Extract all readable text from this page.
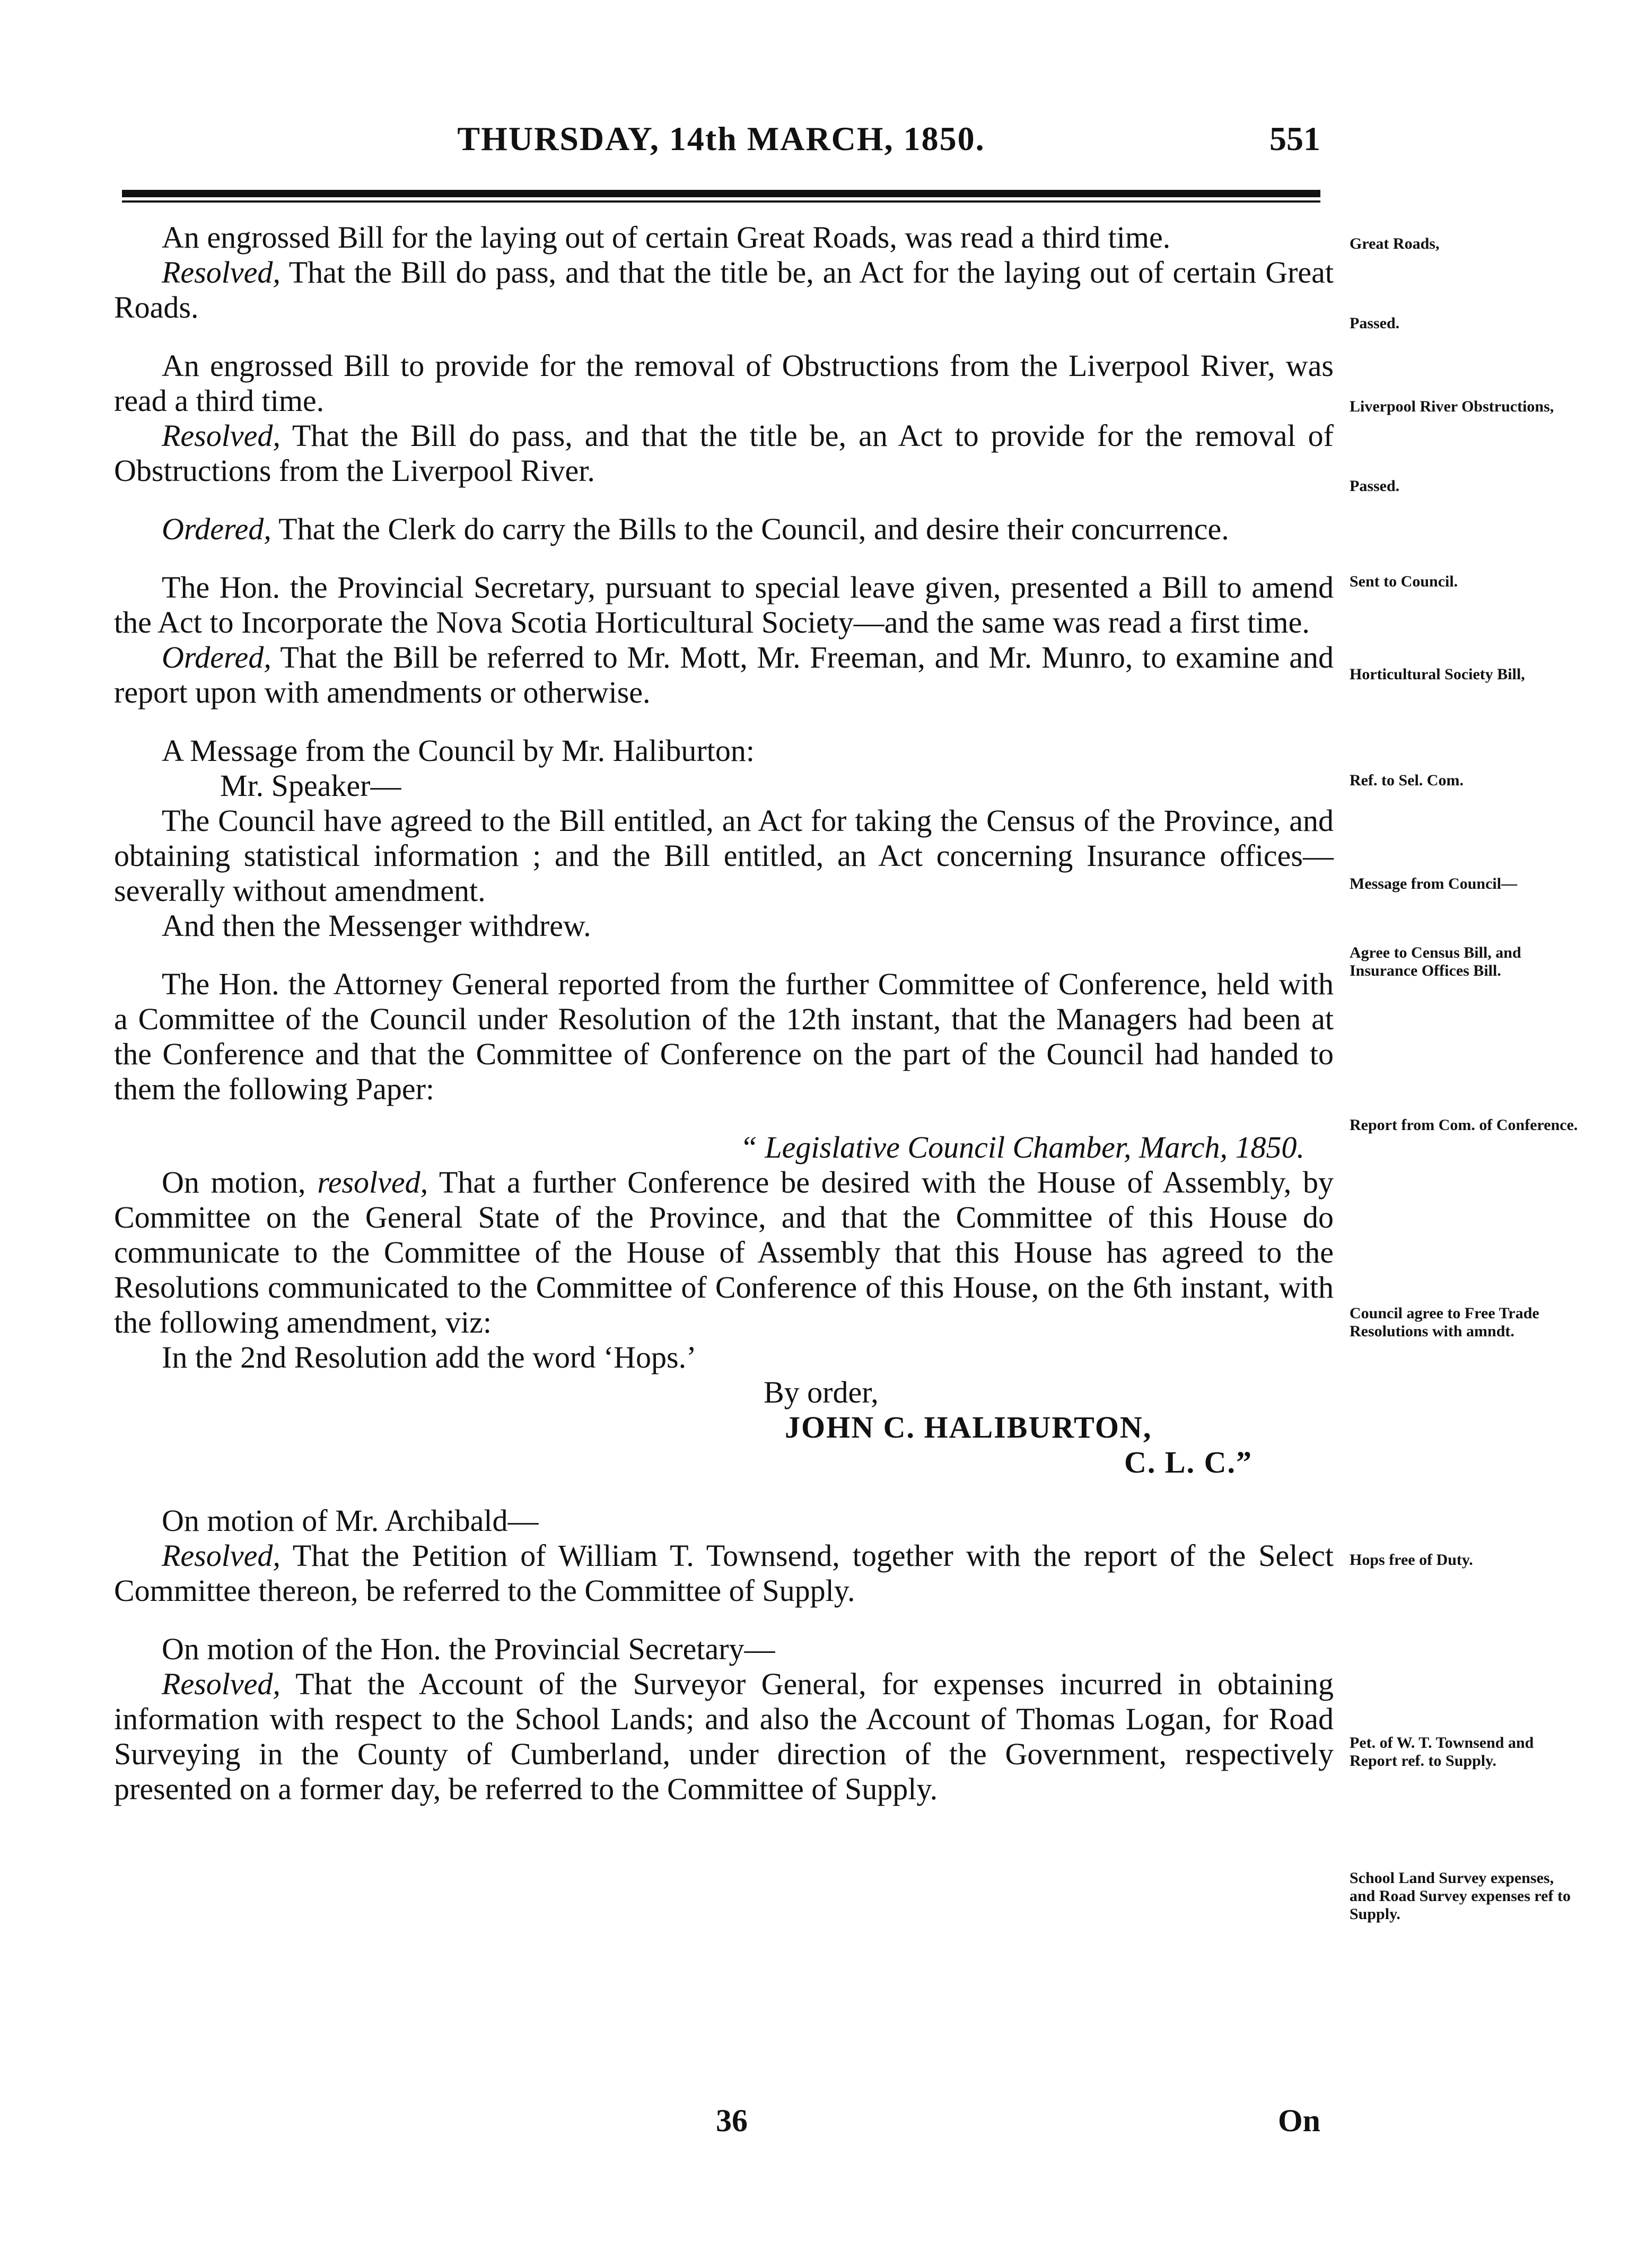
THURSDAY, 14th MARCH, 1850.	551

An engrossed Bill for the laying out of certain Great Roads, was read a third time.

Resolved, That the Bill do pass, and that the title be, an Act for the laying out of certain Great Roads.

An engrossed Bill to provide for the removal of Obstructions from the Liverpool River, was read a third time.

Resolved, That the Bill do pass, and that the title be, an Act to provide for the removal of Obstructions from the Liverpool River.

Ordered, That the Clerk do carry the Bills to the Council, and desire their concurrence.

The Hon. the Provincial Secretary, pursuant to special leave given, presented a Bill to amend the Act to Incorporate the Nova Scotia Horticultural Society—and the same was read a first time.

Ordered, That the Bill be referred to Mr. Mott, Mr. Freeman, and Mr. Munro, to examine and report upon with amendments or otherwise.

A Message from the Council by Mr. Haliburton:

Mr. Speaker—

The Council have agreed to the Bill entitled, an Act for taking the Census of the Province, and obtaining statistical information ; and the Bill entitled, an Act concerning Insurance offices—severally without amendment.

And then the Messenger withdrew.

The Hon. the Attorney General reported from the further Committee of Conference, held with a Committee of the Council under Resolution of the 12th instant, that the Managers had been at the Conference and that the Committee of Conference on the part of the Council had handed to them the following Paper:

“ Legislative Council Chamber, March, 1850.

On motion, resolved, That a further Conference be desired with the House of Assembly, by Committee on the General State of the Province, and that the Committee of this House do communicate to the Committee of the House of Assembly that this House has agreed to the Resolutions communicated to the Committee of Conference of this House, on the 6th instant, with the following amendment, viz:

In the 2nd Resolution add the word ‘Hops.’

By order,

JOHN C. HALIBURTON,

C. L. C.”

On motion of Mr. Archibald—

Resolved, That the Petition of William T. Townsend, together with the report of the Select Committee thereon, be referred to the Committee of Supply.

On motion of the Hon. the Provincial Secretary—

Resolved, That the Account of the Surveyor General, for expenses incurred in obtaining information with respect to the School Lands; and also the Account of Thomas Logan, for Road Surveying in the County of Cumberland, under direction of the Government, respectively presented on a former day, be referred to the Committee of Supply.

Great Roads,
Passed.
Liverpool River Obstructions,
Passed.
Sent to Council.
Horticultural Society Bill,
Ref. to Sel. Com.
Message from Council—
Agree to Census Bill, and Insurance Offices Bill.
Report from Com. of Conference.
Council agree to Free Trade Resolutions with amndt.
Hops free of Duty.
Pet. of W. T. Townsend and Report ref. to Supply.
School Land Survey expenses, and Road Survey expenses ref to Supply.
36	On
